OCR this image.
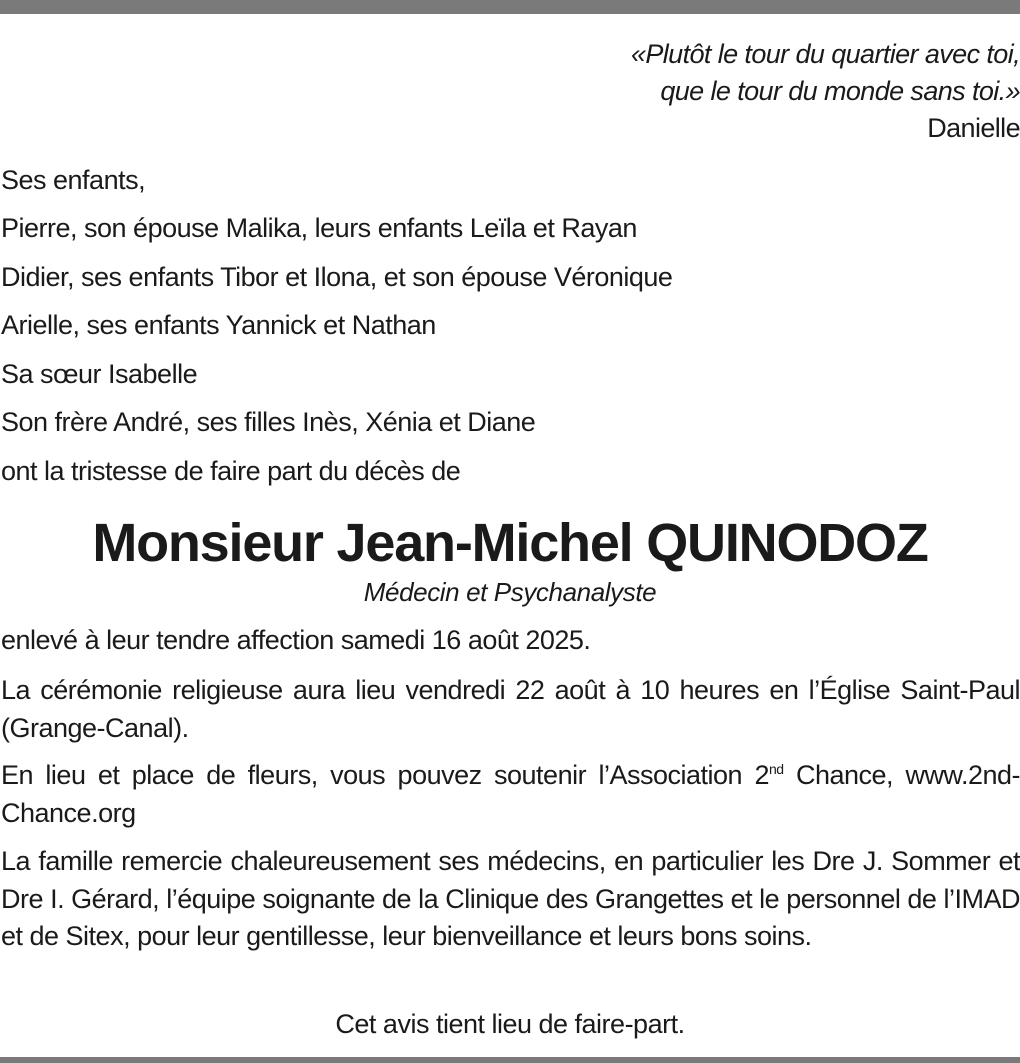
«Plutôt le tour du quartier avec toi,
que le tour du monde sans toi.»
Danielle
Ses enfants,
Pierre, son épouse Malika, leurs enfants Leïla et Rayan
Didier, ses enfants Tibor et Ilona, et son épouse Véronique
Arielle, ses enfants Yannick et Nathan
Sa sœur Isabelle
Son frère André, ses filles Inès, Xénia et Diane
ont la tristesse de faire part du décès de
Monsieur Jean-Michel QUINODOZ
Médecin et Psychanalyste
enlevé à leur tendre affection samedi 16 août 2025.
La cérémonie religieuse aura lieu vendredi 22 août à 10 heures en l’Église Saint-Paul (Grange-Canal).
En lieu et place de fleurs, vous pouvez soutenir l’Association 2nd Chance, www.2nd-Chance.org
La famille remercie chaleureusement ses médecins, en particulier les Dre J. Sommer et Dre I. Gérard, l’équipe soignante de la Clinique des Grangettes et le personnel de l’IMAD et de Sitex, pour leur gentillesse, leur bienveillance et leurs bons soins.
Cet avis tient lieu de faire-part.
